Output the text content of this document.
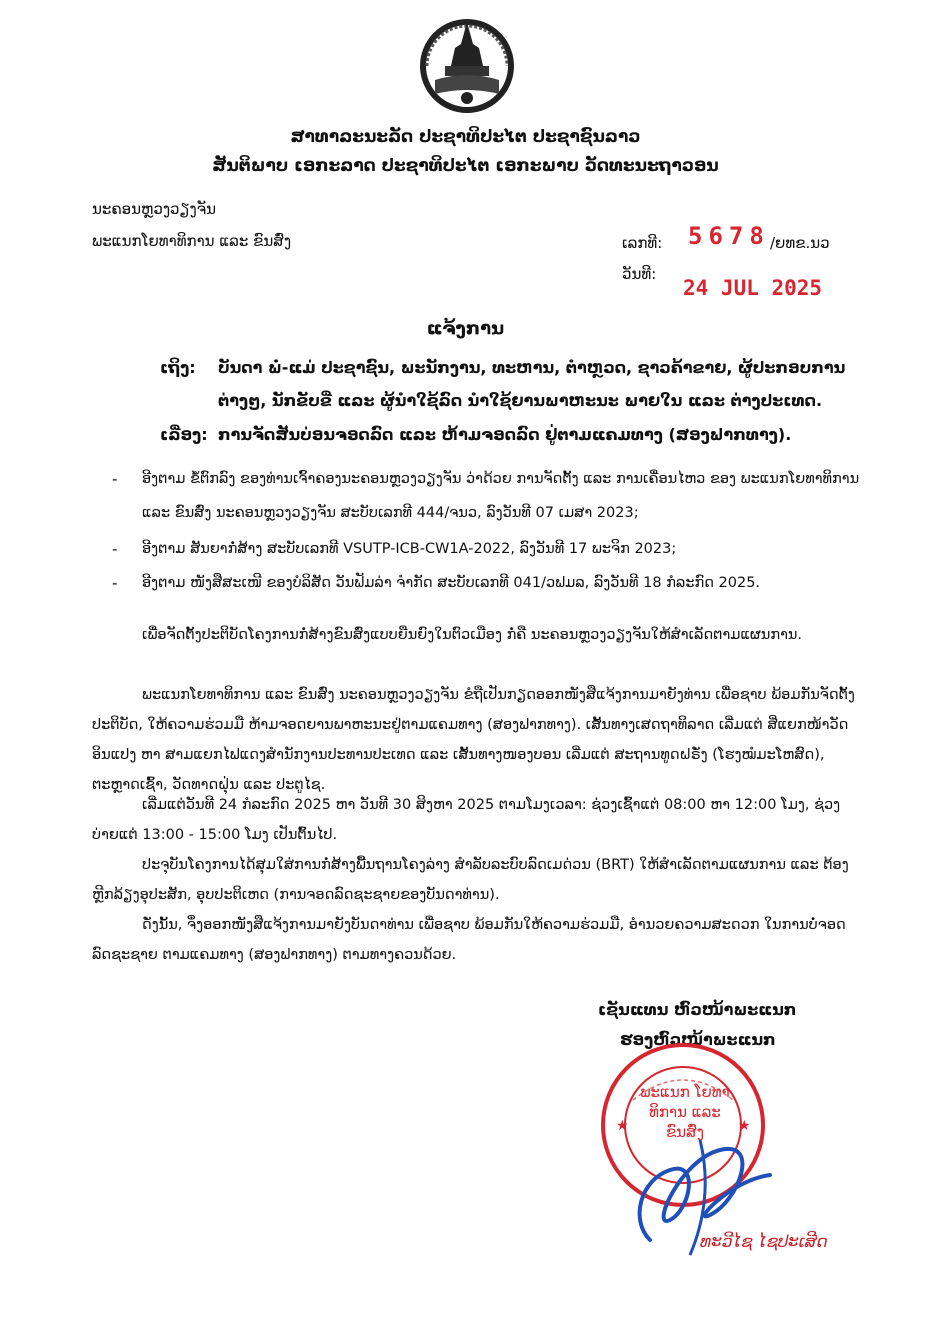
ສາທາລະນະລັດ ປະຊາທິປະໄຕ ປະຊາຊົນລາວ
ສັນຕິພາບ ເອກະລາດ ປະຊາທິປະໄຕ ເອກະພາບ ວັດທະນະຖາວອນ
ນະຄອນຫຼວງວຽງຈັນ
ພະແນກໂຍທາທິການ ແລະ ຂົນສົ່ງ	ເລກທີ: 5678 /ຍທຂ.ນວ
ວັນທີ:
24 JUL 2025
ແຈ້ງການ
ເຖິງ: ບັນດາ ພໍ່-ແມ່ ປະຊາຊົນ, ພະນັກງານ, ທະຫານ, ຕໍາຫຼວດ, ຊາວຄ້າຂາຍ, ຜູ້ປະກອບການຕ່າງໆ, ນັກຂັບຂີ່ ແລະ ຜູ້ນໍາໃຊ້ລົດ ນໍາໃຊ້ຍານພາຫະນະ ພາຍໃນ ແລະ ຕ່າງປະເທດ.
ເລື່ອງ: ການຈັດສັນບ່ອນຈອດລົດ ແລະ ຫ້າມຈອດລົດ ຢູ່ຕາມແຄມທາງ (ສອງຟາກທາງ).
- ອີງຕາມ ຂໍ້ຕົກລົງ ຂອງທ່ານເຈົ້າຄອງນະຄອນຫຼວງວຽງຈັນ ວ່າດ້ວຍ ການຈັດຕັ້ງ ແລະ ການເຄື່ອນໄຫວ ຂອງ ພະແນກໂຍທາທິການ ແລະ ຂົນສົ່ງ ນະຄອນຫຼວງວຽງຈັນ ສະບັບເລກທີ 444/ຈນວ, ລົງວັນທີ 07 ເມສາ 2023;
- ອີງຕາມ ສັນຍາກໍ່ສ້າງ ສະບັບເລກທີ VSUTP-ICB-CW1A-2022, ລົງວັນທີ 17 ພະຈິກ 2023;
- ອີງຕາມ ໜັງສືສະເໜີ ຂອງບໍລິສັດ ວັນຟັມລ່າ ຈໍາກັດ ສະບັບເລກທີ 041/ວຟມລ, ລົງວັນທີ 18 ກໍລະກົດ 2025.
ເພື່ອຈັດຕັ້ງປະຕິບັດໂຄງການກໍ່ສ້າງຂົນສົ່ງແບບຍືນຍົງໃນຕົວເມືອງ ກໍ່ຄື ນະຄອນຫຼວງວຽງຈັນໃຫ້ສໍາເລັດຕາມແຜນການ.
ພະແນກໂຍທາທິການ ແລະ ຂົນສົ່ງ ນະຄອນຫຼວງວຽງຈັນ ຂໍຖືເປັນກຽດອອກໜັງສືແຈ້ງການມາຍັງທ່ານ ເພື່ອຊາບ ພ້ອມກັນຈັດຕັ້ງປະຕິບັດ, ໃຫ້ຄວາມຮ່ວມມື ຫ້າມຈອດຍານພາຫະນະຢູ່ຕາມແຄມທາງ (ສອງຟາກທາງ). ເສັ້ນທາງເສດຖາທິລາດ ເລີ່ມແຕ່ ສີ່ແຍກໜ້າວັດອິນແປງ ຫາ ສາມແຍກໄຟແດງສໍານັກງານປະທານປະເທດ ແລະ ເສັ້ນທາງໜອງບອນ ເລີ່ມແຕ່ ສະຖານທູດຝຣັ່ງ (ໂຮງໝໍມະໂຫສົດ), ຕະຫຼາດເຊົ້າ, ວັດທາດຝຸ່ນ ແລະ ປະຕູໄຊ.
ເລີ່ມແຕ່ວັນທີ 24 ກໍລະກົດ 2025 ຫາ ວັນທີ 30 ສິງຫາ 2025 ຕາມໂມງເວລາ: ຊ່ວງເຊົ້າແຕ່ 08:00 ຫາ 12:00 ໂມງ, ຊ່ວງບ່າຍແຕ່ 13:00 - 15:00 ໂມງ ເປັນຕົ້ນໄປ.
ປະຈຸບັນໂຄງການໄດ້ສຸມໃສ່ການກໍ່ສ້າງພື້ນຖານໂຄງລ່າງ ສໍາລັບລະບົບລົດເມດ່ວນ (BRT) ໃຫ້ສໍາເລັດຕາມແຜນການ ແລະ ຕ້ອງຫຼີກລ້ຽງອຸປະສັກ, ອຸບປະຕິເຫດ (ການຈອດລົດຊະຊາຍຂອງບັນດາທ່ານ).
ດັ່ງນັ້ນ, ຈຶ່ງອອກໜັງສືແຈ້ງການມາຍັງບັນດາທ່ານ ເພື່ອຊາບ ພ້ອມກັນໃຫ້ຄວາມຮ່ວມມື, ອໍານວຍຄວາມສະດວກ ໃນການບໍ່ຈອດລົດຊະຊາຍ ຕາມແຄມທາງ (ສອງຟາກທາງ) ຕາມທາງຄວນດ້ວຍ.
ເຊັນແທນ ຫົວໜ້າພະແນກ
ຮອງຫົວໜ້າພະແນກ
★	★
ພະແນກ ໂຍທາທິການ ແລະ ຂົນສົ່ງ
ທະວີໄຊ ໄຊປະເສີດ
